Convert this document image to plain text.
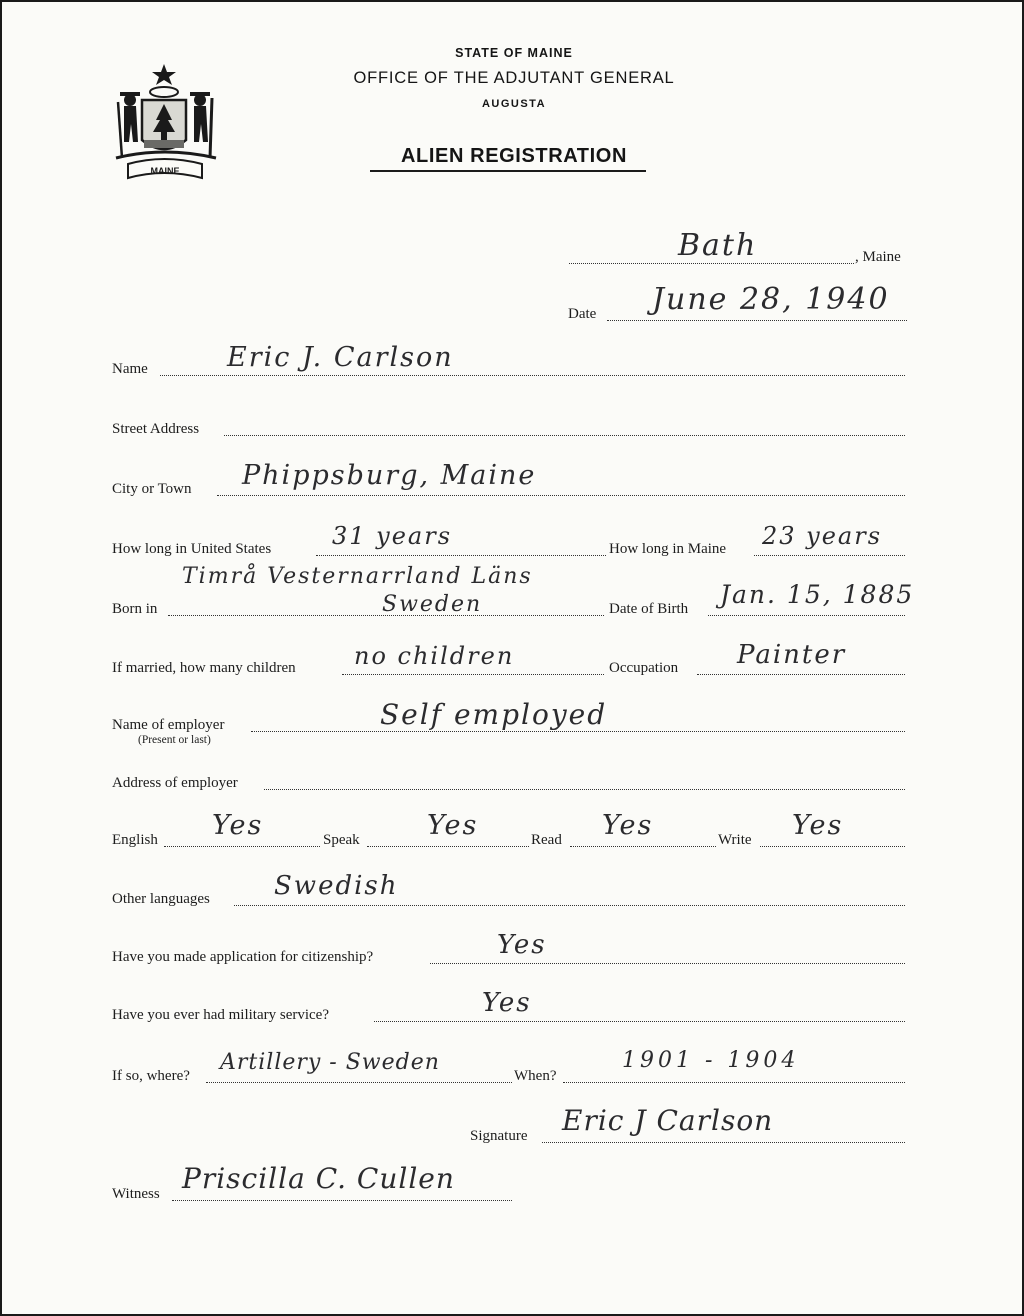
MAINE
STATE OF MAINE
OFFICE OF THE ADJUTANT GENERAL
AUGUSTA
ALIEN REGISTRATION
Bath	, Maine
Date June 28, 1940
Name	Eric J. Carlson
Street Address
City or Town Phippsburg, Maine
How long in United States	31 years	How long in Maine 23 years
Timrå Vesternarrland Läns
Born in	Sweden	Date of Birth Jan. 15, 1885
If married, how many children no children	Occupation Painter
Name of employer
(Present or last)
Self employed
Address of employer
English Yes	Speak Yes	Read Yes	Write Yes
Other languages Swedish
Have you made application for citizenship?	Yes
Have you ever had military service?	Yes
If so, where?
Artillery - Sweden
When?
1901 - 1904
Signature Eric J Carlson
Witness Priscilla C. Cullen
